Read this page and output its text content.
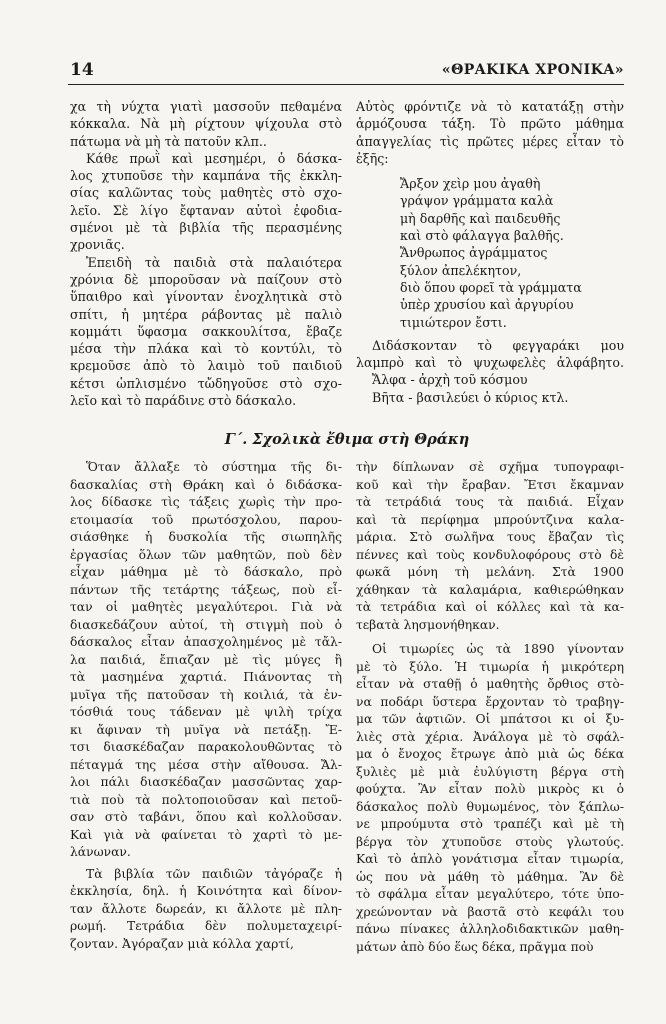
14	«ΘΡΑΚΙΚΑ ΧΡΟΝΙΚΑ»

χα τὴ νύχτα γιατὶ μασσοῦν πεθαμένα
κόκκαλα. Νὰ μὴ ρίχτουν ψίχουλα στὸ
πάτωμα νὰ μὴ τὰ πατοῦν κλπ..

Κάθε πρωῒ καὶ μεσημέρι, ὁ δάσκα-
λος χτυποῦσε τὴν καμπάνα τῆς ἐκκλη-
σίας καλῶντας τοὺς μαθητὲς στὸ σχο-
λεῖο. Σὲ λίγο ἔφταναν αὐτοὶ ἐφοδια-
σμένοι μὲ τὰ βιβλία τῆς περασμένης
χρονιᾶς.

Ἐπειδὴ τὰ παιδιὰ στὰ παλαιότερα
χρόνια δὲ μποροῦσαν νὰ παίζουν στὸ
ὕπαιθρο καὶ γίνονταν ἐνοχλητικὰ στὸ
σπίτι, ἡ μητέρα ράβοντας μὲ παλιὸ
κομμάτι ὕφασμα σακκουλίτσα, ἔβαζε
μέσα τὴν πλάκα καὶ τὸ κοντύλι, τὸ
κρεμοῦσε ἀπὸ τὸ λαιμὸ τοῦ παιδιοῦ
κέτσι ὡπλισμένο τὤδηγοῦσε στὸ σχο-
λεῖο καὶ τὸ παράδινε στὸ δάσκαλο.

Αὐτὸς φρόντιζε νὰ τὸ κατατάξῃ στὴν
ἁρμόζουσα τάξη. Τὸ πρῶτο μάθημα
ἀπαγγελίας τὶς πρῶτες μέρες εἶταν τὸ
ἑξῆς:
Ἄρξον χεὶρ μου ἀγαθὴ
γράψον γράμματα καλὰ
μὴ δαρθῆς καὶ παιδευθῆς
καὶ στὸ φάλαγγα βαλθῆς.
Ἄνθρωπος ἀγράμματος
ξύλον ἀπελέκητον,
διὸ ὅπου φορεῖ τὰ γράμματα
ὑπὲρ χρυσίου καὶ ἀργυρίου
τιμιώτερον ἔστι.
Διδάσκονταν τὸ φεγγαράκι μου
λαμπρὸ καὶ τὸ ψυχωφελὲς ἀλφάβητο.
Ἄλφα - ἀρχὴ τοῦ κόσμου
Βῆτα - βασιλεύει ὁ κύριος κτλ.
Γ΄. Σχολικὰ ἔθιμα στὴ Θράκη

Ὅταν ἄλλαξε τὸ σύστημα τῆς δι-
δασκαλίας στὴ Θράκη καὶ ὁ διδάσκα-
λος δίδασκε τὶς τάξεις χωρὶς τὴν προ-
ετοιμασία τοῦ πρωτόσχολου, παρου-
σιάσθηκε ἡ δυσκολία τῆς σιωπηλῆς
ἐργασίας ὅλων τῶν μαθητῶν, ποὺ δὲν
εἶχαν μάθημα μὲ τὸ δάσκαλο, πρὸ
πάντων τῆς τετάρτης τάξεως, ποὺ εἶ-
ταν οἱ μαθητὲς μεγαλύτεροι. Γιὰ νὰ
διασκεδάζουν αὐτοί, τὴ στιγμὴ ποὺ ὁ
δάσκαλος εἶταν ἀπασχολημένος μὲ τἄλ-
λα παιδιά, ἔπιαζαν μὲ τὶς μύγες ἢ
τὰ μασημένα χαρτιά. Πιάνοντας τὴ
μυῖγα τῆς πατοῦσαν τὴ κοιλιά, τὰ ἐν-
τόσθιά τους τάδεναν μὲ ψιλὴ τρίχα
κι ἄφιναν τὴ μυῖγα νὰ πετάξῃ. Ἔ-
τσι διασκέδαζαν παρακολουθῶντας τὸ
πέταγμά της μέσα στὴν αἴθουσα. Ἄλ-
λοι πάλι διασκέδαζαν μασσῶντας χαρ-
τιὰ ποὺ τὰ πολτοποιοῦσαν καὶ πετοῦ-
σαν στὸ ταβάνι, ὅπου καὶ κολλοῦσαν.
Καὶ γιὰ νὰ φαίνεται τὸ χαρτὶ τὸ με-
λάνωναν.

Τὰ βιβλία τῶν παιδιῶν τἀγόραζε ἡ
ἐκκλησία, δηλ. ἡ Κοινότητα καὶ δίνον-
ταν ἄλλοτε δωρεάν, κι ἄλλοτε μὲ πλη-
ρωμή. Τετράδια δὲν πολυμεταχειρί-
ζονταν. Ἀγόραζαν μιὰ κόλλα χαρτί,

τὴν δίπλωναν σὲ σχῆμα τυπογραφι-
κοῦ καὶ τὴν ἔραβαν. Ἔτσι ἔκαμναν
τὰ τετράδιά τους τὰ παιδιά. Εἶχαν
καὶ τὰ περίφημα μπρούντζινα καλα-
μάρια. Στὸ σωλῆνα τους ἔβαζαν τὶς
πέννες καὶ τοὺς κονδυλοφόρους στὸ δὲ
φωκᾶ μόνη τὴ μελάνη. Στὰ 1900
χάθηκαν τὰ καλαμάρια, καθιερώθηκαν
τὰ τετράδια καὶ οἱ κόλλες καὶ τὰ κα-
τεβατὰ λησμονήθηκαν.

Οἱ τιμωρίες ὡς τὰ 1890 γίνονταν
μὲ τὸ ξύλο. Ἡ τιμωρία ἡ μικρότερη
εἶταν νὰ σταθῇ ὁ μαθητὴς ὄρθιος στὸ-
να ποδάρι ὕστερα ἔρχονταν τὸ τραβηγ-
μα τῶν ἀφτιῶν. Οἱ μπάτσοι κι οἱ ξυ-
λιὲς στὰ χέρια. Ἀνάλογα μὲ τὸ σφάλ-
μα ὁ ἔνοχος ἔτρωγε ἀπὸ μιὰ ὡς δέκα
ξυλιὲς μὲ μιὰ ἐυλύγιστη βέργα στὴ
φούχτα. Ἂν εἶταν πολὺ μικρὸς κι ὁ
δάσκαλος πολὺ θυμωμένος, τὸν ξάπλω-
νε μπρούμυτα στὸ τραπέζι καὶ μὲ τὴ
βέργα τὸν χτυποῦσε στοὺς γλωτούς.
Καὶ τὸ ἁπλὸ γονάτισμα εἶταν τιμωρία,
ὡς που νὰ μάθη τὸ μάθημα. Ἂν δὲ
τὸ σφάλμα εἶταν μεγαλύτερο, τότε ὑπο-
χρεώνονταν νὰ βαστᾶ στὸ κεφάλι του
πάνω πίνακες ἀλληλοδιδακτικῶν μαθη-
μάτων ἀπὸ δύο ἕως δέκα, πρᾶγμα ποὺ
